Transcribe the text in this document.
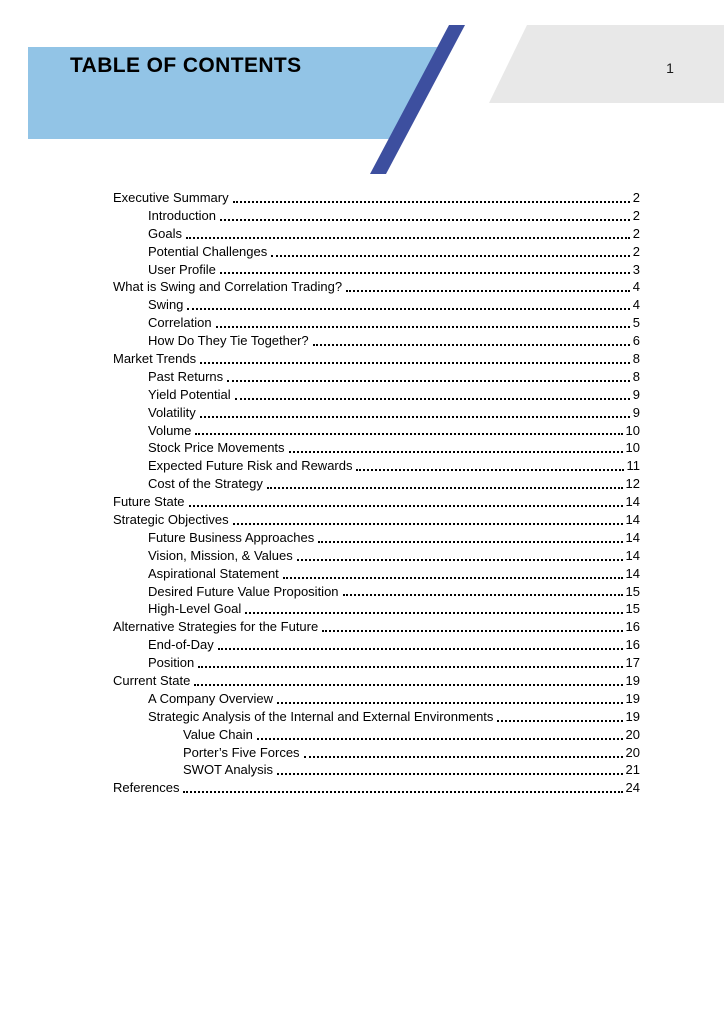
TABLE OF CONTENTS	1
Executive Summary	2
Introduction	2
Goals	2
Potential Challenges	2
User Profile	3
What is Swing and Correlation Trading?	4
Swing	4
Correlation	5
How Do They Tie Together?	6
Market Trends	8
Past Returns	8
Yield Potential	9
Volatility	9
Volume	10
Stock Price Movements	10
Expected Future Risk and Rewards	11
Cost of the Strategy	12
Future State	14
Strategic Objectives	14
Future Business Approaches	14
Vision, Mission, & Values	14
Aspirational Statement	14
Desired Future Value Proposition	15
High-Level Goal	15
Alternative Strategies for the Future	16
End-of-Day	16
Position	17
Current State	19
A Company Overview	19
Strategic Analysis of the Internal and External Environments	19
Value Chain	20
Porter’s Five Forces	20
SWOT Analysis	21
References	24
